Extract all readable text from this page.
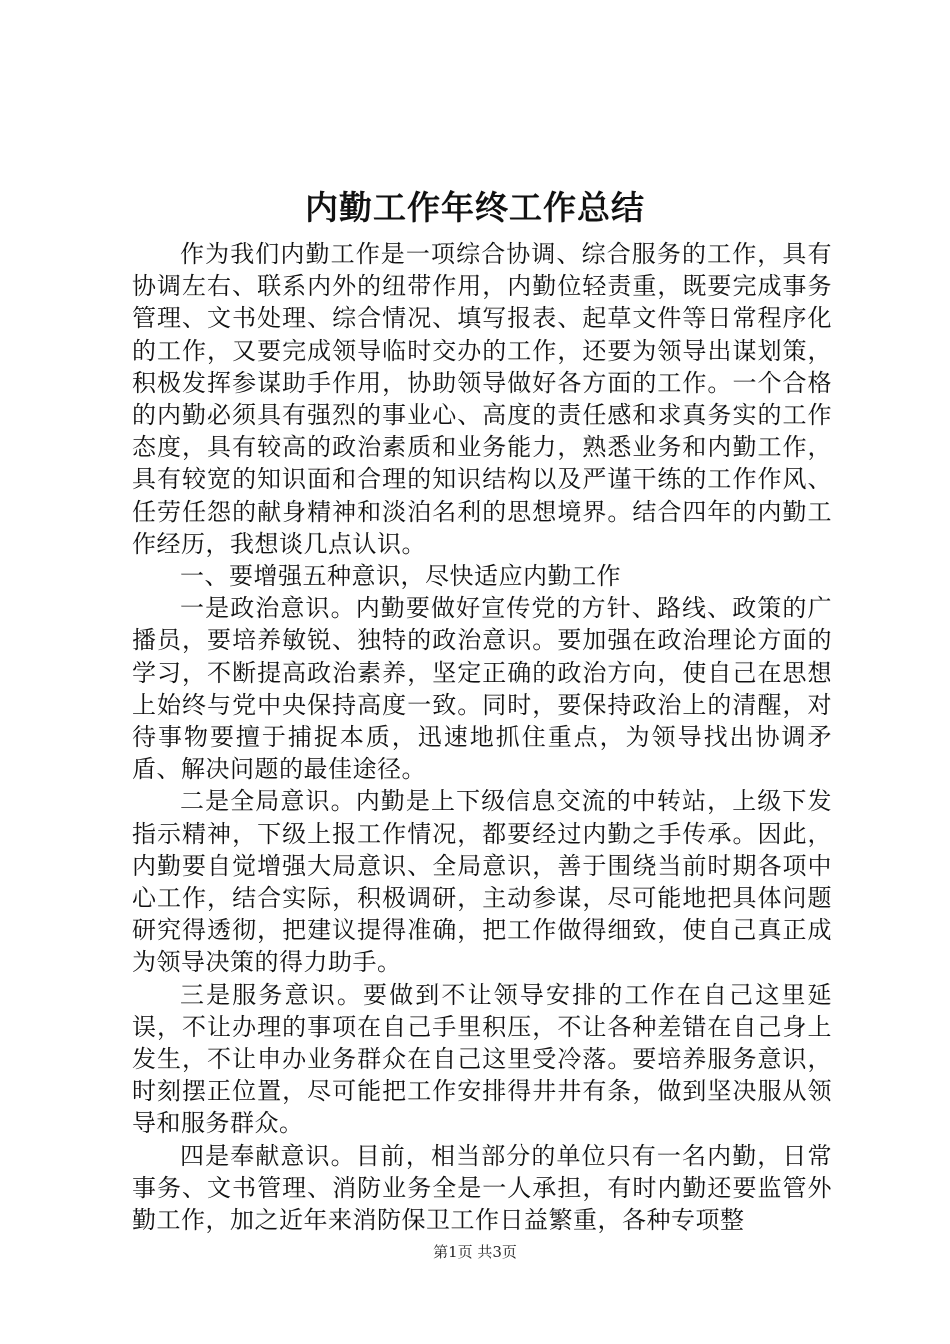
内勤工作年终工作总结

作为我们内勤工作是一项综合协调、综合服务的工作，具有协调左右、联系内外的纽带作用，内勤位轻责重，既要完成事务管理、文书处理、综合情况、填写报表、起草文件等日常程序化的工作，又要完成领导临时交办的工作，还要为领导出谋划策，积极发挥参谋助手作用，协助领导做好各方面的工作。一个合格的内勤必须具有强烈的事业心、高度的责任感和求真务实的工作态度，具有较高的政治素质和业务能力，熟悉业务和内勤工作，具有较宽的知识面和合理的知识结构以及严谨干练的工作作风、任劳任怨的献身精神和淡泊名利的思想境界。结合四年的内勤工作经历，我想谈几点认识。

一、要增强五种意识，尽快适应内勤工作

一是政治意识。内勤要做好宣传党的方针、路线、政策的广播员，要培养敏锐、独特的政治意识。要加强在政治理论方面的学习，不断提高政治素养，坚定正确的政治方向，使自己在思想上始终与党中央保持高度一致。同时，要保持政治上的清醒，对待事物要擅于捕捉本质，迅速地抓住重点，为领导找出协调矛盾、解决问题的最佳途径。

二是全局意识。内勤是上下级信息交流的中转站，上级下发指示精神，下级上报工作情况，都要经过内勤之手传承。因此，内勤要自觉增强大局意识、全局意识，善于围绕当前时期各项中心工作，结合实际，积极调研，主动参谋，尽可能地把具体问题研究得透彻，把建议提得准确，把工作做得细致，使自己真正成为领导决策的得力助手。

三是服务意识。要做到不让领导安排的工作在自己这里延误，不让办理的事项在自己手里积压，不让各种差错在自己身上发生，不让申办业务群众在自己这里受冷落。要培养服务意识，时刻摆正位置，尽可能把工作安排得井井有条，做到坚决服从领导和服务群众。

四是奉献意识。目前，相当部分的单位只有一名内勤，日常事务、文书管理、消防业务全是一人承担，有时内勤还要监管外勤工作，加之近年来消防保卫工作日益繁重，各种专项整

第1页 共3页
